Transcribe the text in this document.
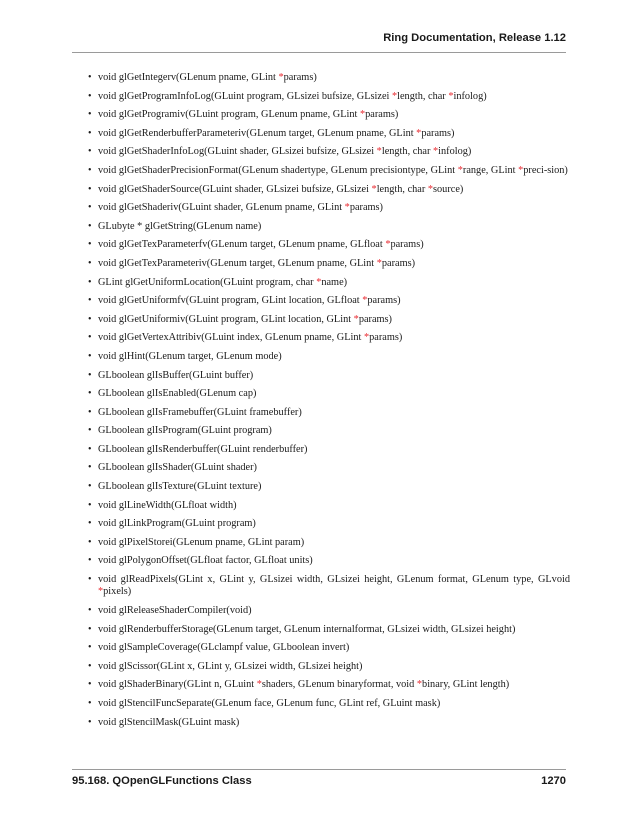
Ring Documentation, Release 1.12
• void glGetIntegerv(GLenum pname, GLint *params)
• void glGetProgramInfoLog(GLuint program, GLsizei bufsize, GLsizei *length, char *infolog)
• void glGetProgramiv(GLuint program, GLenum pname, GLint *params)
• void glGetRenderbufferParameteriv(GLenum target, GLenum pname, GLint *params)
• void glGetShaderInfoLog(GLuint shader, GLsizei bufsize, GLsizei *length, char *infolog)
• void glGetShaderPrecisionFormat(GLenum shadertype, GLenum precisiontype, GLint *range, GLint *preci-sion)
• void glGetShaderSource(GLuint shader, GLsizei bufsize, GLsizei *length, char *source)
• void glGetShaderiv(GLuint shader, GLenum pname, GLint *params)
• GLubyte * glGetString(GLenum name)
• void glGetTexParameterfv(GLenum target, GLenum pname, GLfloat *params)
• void glGetTexParameteriv(GLenum target, GLenum pname, GLint *params)
• GLint glGetUniformLocation(GLuint program, char *name)
• void glGetUniformfv(GLuint program, GLint location, GLfloat *params)
• void glGetUniformiv(GLuint program, GLint location, GLint *params)
• void glGetVertexAttribiv(GLuint index, GLenum pname, GLint *params)
• void glHint(GLenum target, GLenum mode)
• GLboolean glIsBuffer(GLuint buffer)
• GLboolean glIsEnabled(GLenum cap)
• GLboolean glIsFramebuffer(GLuint framebuffer)
• GLboolean glIsProgram(GLuint program)
• GLboolean glIsRenderbuffer(GLuint renderbuffer)
• GLboolean glIsShader(GLuint shader)
• GLboolean glIsTexture(GLuint texture)
• void glLineWidth(GLfloat width)
• void glLinkProgram(GLuint program)
• void glPixelStorei(GLenum pname, GLint param)
• void glPolygonOffset(GLfloat factor, GLfloat units)
• void glReadPixels(GLint x, GLint y, GLsizei width, GLsizei height, GLenum format, GLenum type, GLvoid *pixels)
• void glReleaseShaderCompiler(void)
• void glRenderbufferStorage(GLenum target, GLenum internalformat, GLsizei width, GLsizei height)
• void glSampleCoverage(GLclampf value, GLboolean invert)
• void glScissor(GLint x, GLint y, GLsizei width, GLsizei height)
• void glShaderBinary(GLint n, GLuint *shaders, GLenum binaryformat, void *binary, GLint length)
• void glStencilFuncSeparate(GLenum face, GLenum func, GLint ref, GLuint mask)
• void glStencilMask(GLuint mask)
95.168. QOpenGLFunctions Class	1270
